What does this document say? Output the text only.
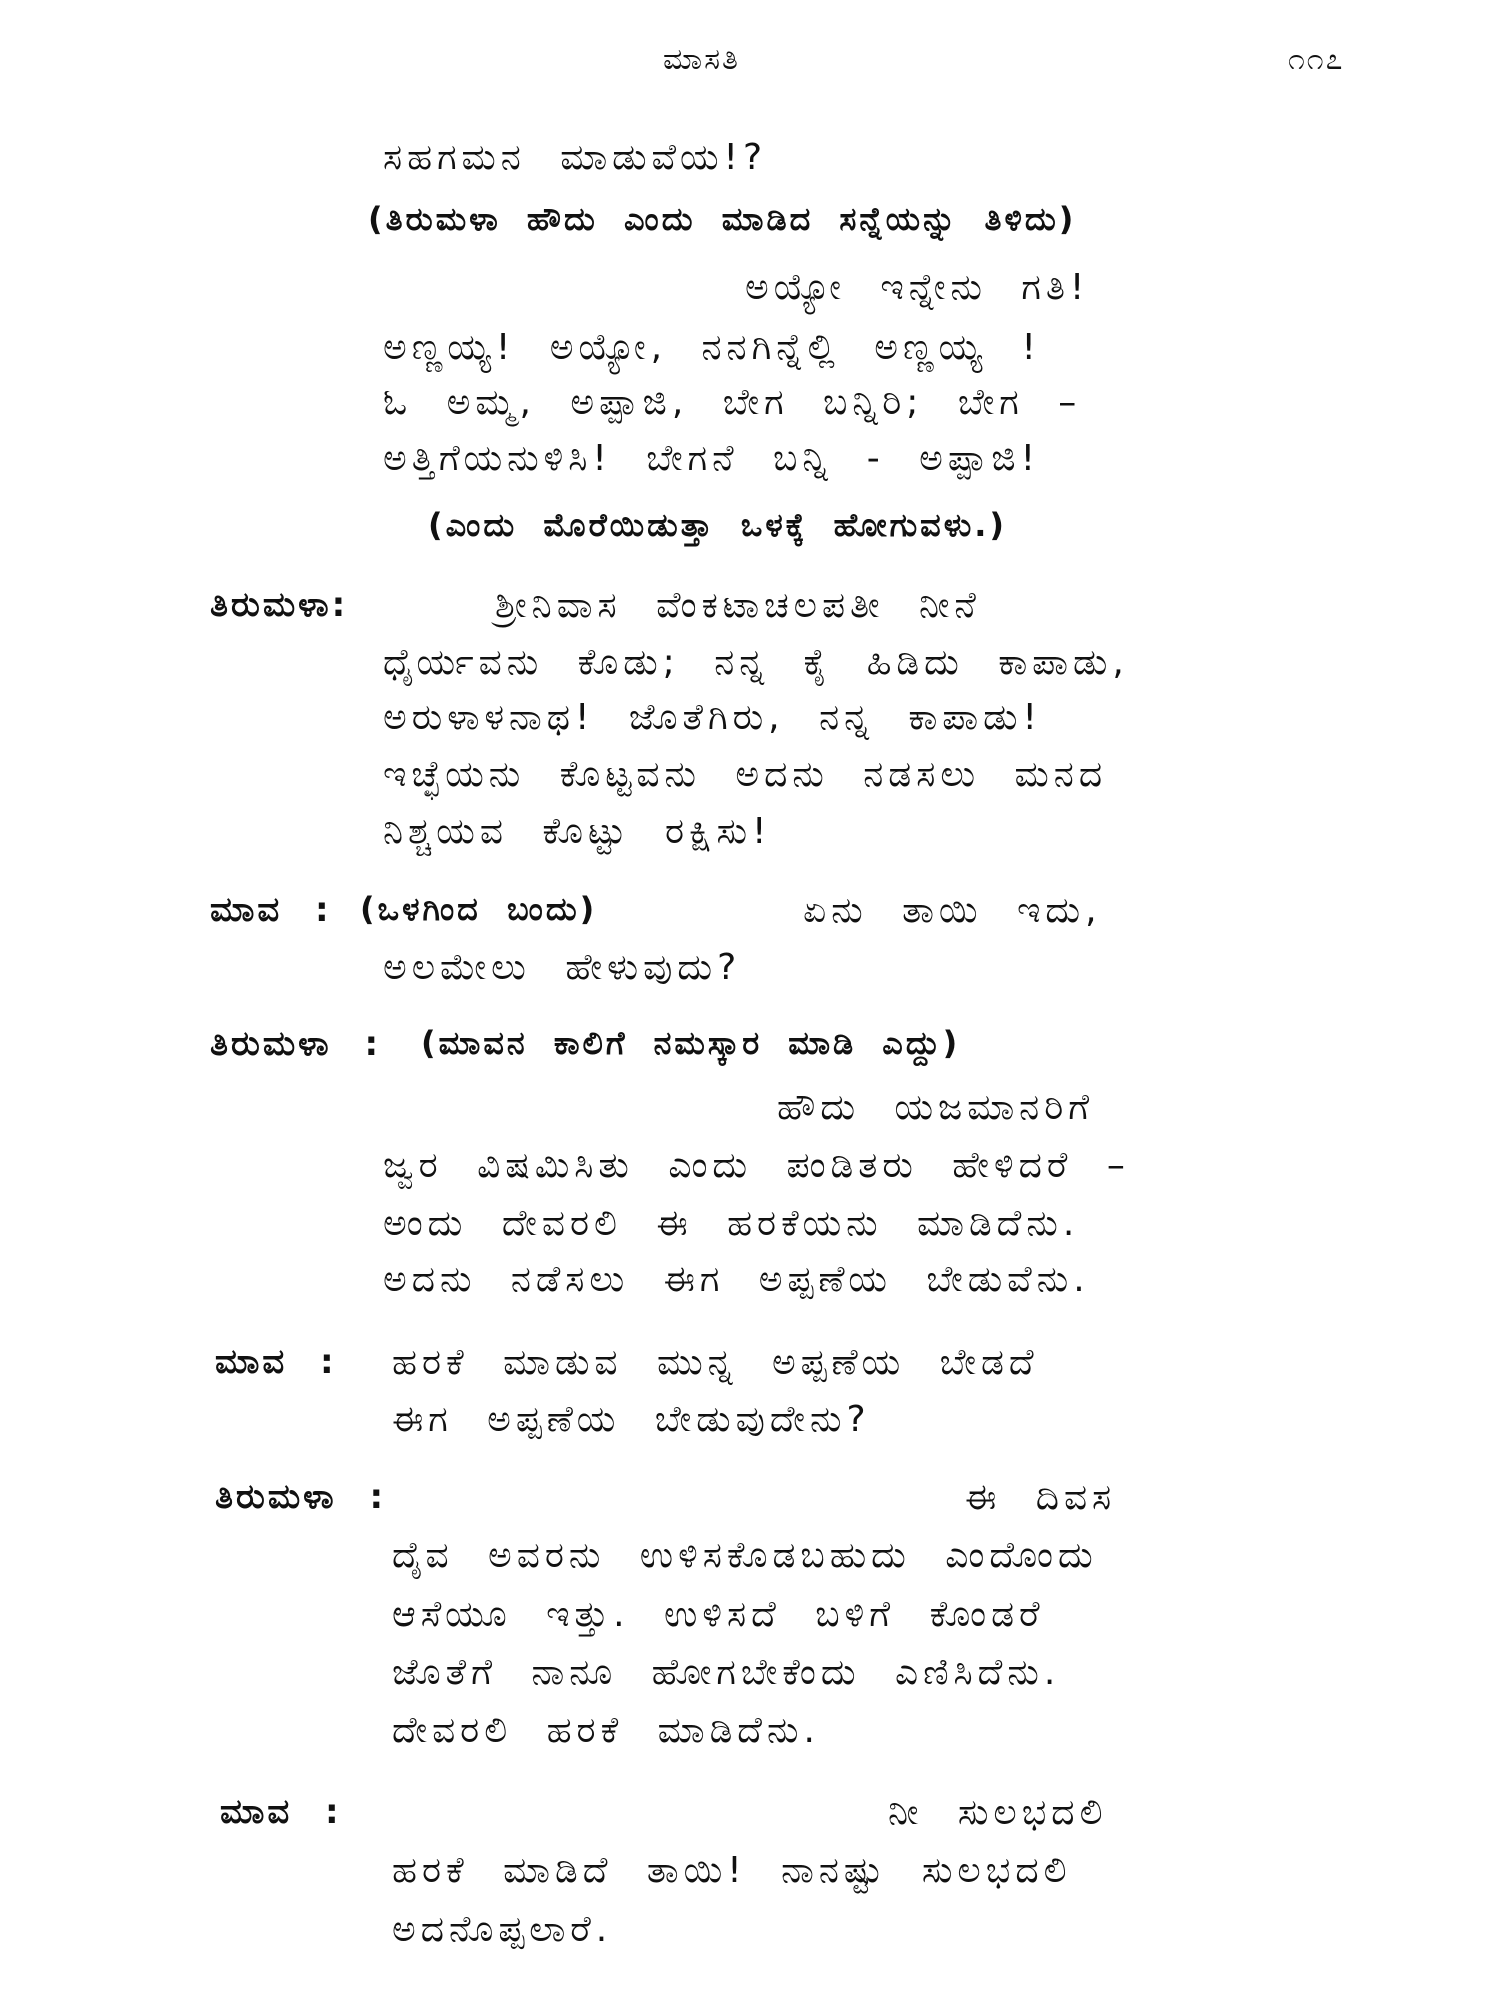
ಮಾಸತಿ	೧೧೭
ಸಹಗಮನ ಮಾಡುವೆಯ!?
(ತಿರುಮಳಾ ಹೌದು ಎಂದು ಮಾಡಿದ ಸನ್ನೆಯನ್ನು ತಿಳಿದು)
ಅಯ್ಯೋ ಇನ್ನೇನು ಗತಿ!
ಅಣ್ಣಯ್ಯ! ಅಯ್ಯೋ, ನನಗಿನ್ನೆಲ್ಲಿ ಅಣ್ಣಯ್ಯ !
ಓ ಅಮ್ಮ, ಅಪ್ಪಾಜಿ, ಬೇಗ ಬನ್ನಿರಿ; ಬೇಗ –
ಅತ್ತಿಗೆಯನುಳಿಸಿ! ಬೇಗನೆ ಬನ್ನಿ - ಅಪ್ಪಾಜಿ!
(ಎಂದು ಮೊರೆಯಿಡುತ್ತಾ ಒಳಕ್ಕೆ ಹೋಗುವಳು.)
ತಿರುಮಳಾ:	ಶ್ರೀನಿವಾಸ ವೆಂಕಟಾಚಲಪತೀ ನೀನೆ
ಧೈರ್ಯವನು ಕೊಡು; ನನ್ನ ಕೈ ಹಿಡಿದು ಕಾಪಾಡು,
ಅರುಳಾಳನಾಥ! ಜೊತೆಗಿರು, ನನ್ನ ಕಾಪಾಡು!
ಇಚ್ಛೆಯನು ಕೊಟ್ಟವನು ಅದನು ನಡಸಲು ಮನದ
ನಿಶ್ಚಯವ ಕೊಟ್ಟು ರಕ್ಷಿಸು!
ಮಾವ : (ಒಳಗಿಂದ ಬಂದು)	ಏನು ತಾಯಿ ಇದು,
ಅಲಮೇಲು ಹೇಳುವುದು?
ತಿರುಮಳಾ : (ಮಾವನ ಕಾಲಿಗೆ ನಮಸ್ಕಾರ ಮಾಡಿ ಎದ್ದು)
ಹೌದು ಯಜಮಾನರಿಗೆ
ಜ್ವರ ವಿಷಮಿಸಿತು ಎಂದು ಪಂಡಿತರು ಹೇಳಿದರೆ –
ಅಂದು ದೇವರಲಿ ಈ ಹರಕೆಯನು ಮಾಡಿದೆನು.
ಅದನು ನಡೆಸಲು ಈಗ ಅಪ್ಪಣೆಯ ಬೇಡುವೆನು.
ಮಾವ : ಹರಕೆ ಮಾಡುವ ಮುನ್ನ ಅಪ್ಪಣೆಯ ಬೇಡದೆ
ಈಗ ಅಪ್ಪಣೆಯ ಬೇಡುವುದೇನು?
ತಿರುಮಳಾ :	ಈ ದಿವಸ
ದೈವ ಅವರನು ಉಳಿಸಕೊಡಬಹುದು ಎಂದೊಂದು
ಆಸೆಯೂ ಇತ್ತು. ಉಳಿಸದೆ ಬಳಿಗೆ ಕೊಂಡರೆ
ಜೊತೆಗೆ ನಾನೂ ಹೋಗಬೇಕೆಂದು ಎಣಿಸಿದೆನು.
ದೇವರಲಿ ಹರಕೆ ಮಾಡಿದೆನು.
ಮಾವ :	ನೀ ಸುಲಭದಲಿ
ಹರಕೆ ಮಾಡಿದೆ ತಾಯಿ! ನಾನಷ್ಟು ಸುಲಭದಲಿ
ಅದನೊಪ್ಪಲಾರೆ.
